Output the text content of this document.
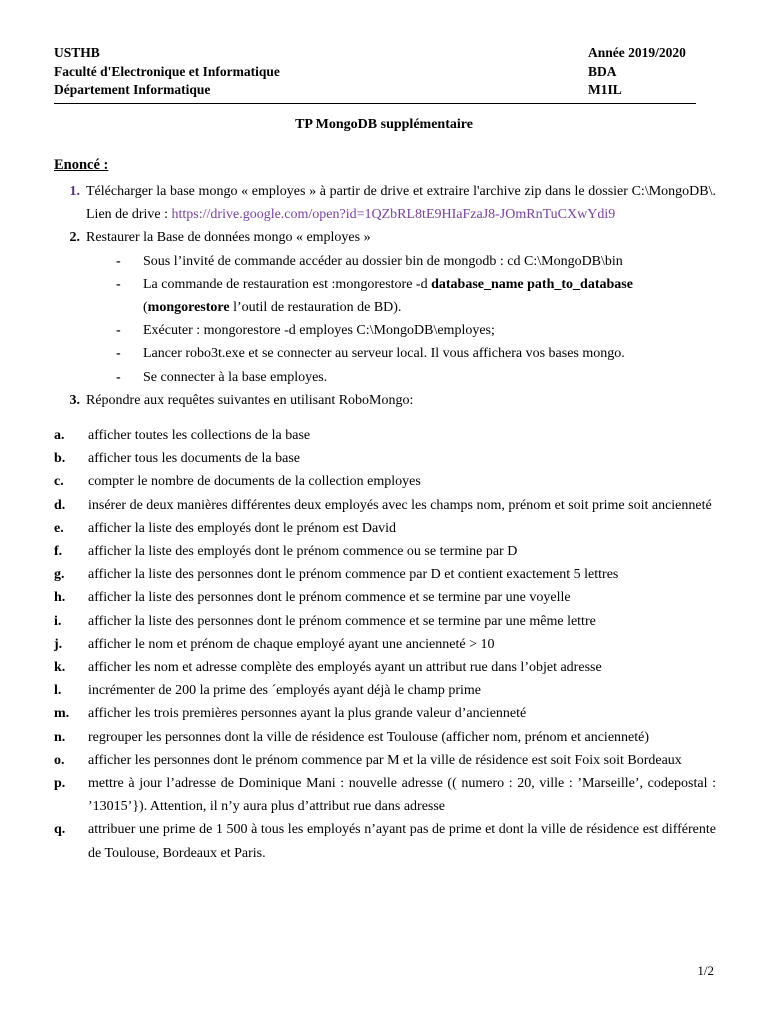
USTHB
Faculté d'Electronique et Informatique
Département Informatique
Année 2019/2020
BDA
M1IL
TP MongoDB supplémentaire
Enoncé :
1. Télécharger la base mongo « employes » à partir de drive et extraire l'archive zip dans le dossier C:\MongoDB\. Lien de drive : https://drive.google.com/open?id=1QZbRL8tE9HIaFzaJ8-JOmRnTuCXwYdi9
2. Restaurer la Base de données mongo « employes »
-	Sous l’invité de commande accéder au dossier bin de mongodb : cd C:\MongoDB\bin
-	La commande de restauration est :mongorestore -d database_name path_to_database
(mongorestore l’outil de restauration de BD).
-	Exécuter : mongorestore -d employes C:\MongoDB\employes;
-	Lancer robo3t.exe et se connecter au serveur local. Il vous affichera vos bases mongo.
-	Se connecter à la base employes.
3. Répondre aux requêtes suivantes en utilisant RoboMongo:
a.	afficher toutes les collections de la base
b.	afficher tous les documents de la base
c.	compter le nombre de documents de la collection employes
d.	insérer de deux manières différentes deux employés avec les champs nom, prénom et soit prime soit ancienneté
e.	afficher la liste des employés dont le prénom est David
f.	afficher la liste des employés dont le prénom commence ou se termine par D
g.	afficher la liste des personnes dont le prénom commence par D et contient exactement 5 lettres
h.	afficher la liste des personnes dont le prénom commence et se termine par une voyelle
i.	afficher la liste des personnes dont le prénom commence et se termine par une même lettre
j.	afficher le nom et prénom de chaque employé ayant une ancienneté > 10
k.	afficher les nom et adresse complète des employés ayant un attribut rue dans l’objet adresse
l.	incrémenter de 200 la prime des ´employés ayant déjà le champ prime
m.	afficher les trois premières personnes ayant la plus grande valeur d’ancienneté
n.	regrouper les personnes dont la ville de résidence est Toulouse (afficher nom, prénom et ancienneté)
o.	afficher les personnes dont le prénom commence par M et la ville de résidence est soit Foix soit Bordeaux
p.	mettre à jour l’adresse de Dominique Mani : nouvelle adresse (( numero : 20, ville : ’Marseille’, codepostal : ’13015’}). Attention, il n’y aura plus d’attribut rue dans adresse
q.	attribuer une prime de 1 500 à tous les employés n’ayant pas de prime et dont la ville de résidence est différente de Toulouse, Bordeaux et Paris.
1/2
